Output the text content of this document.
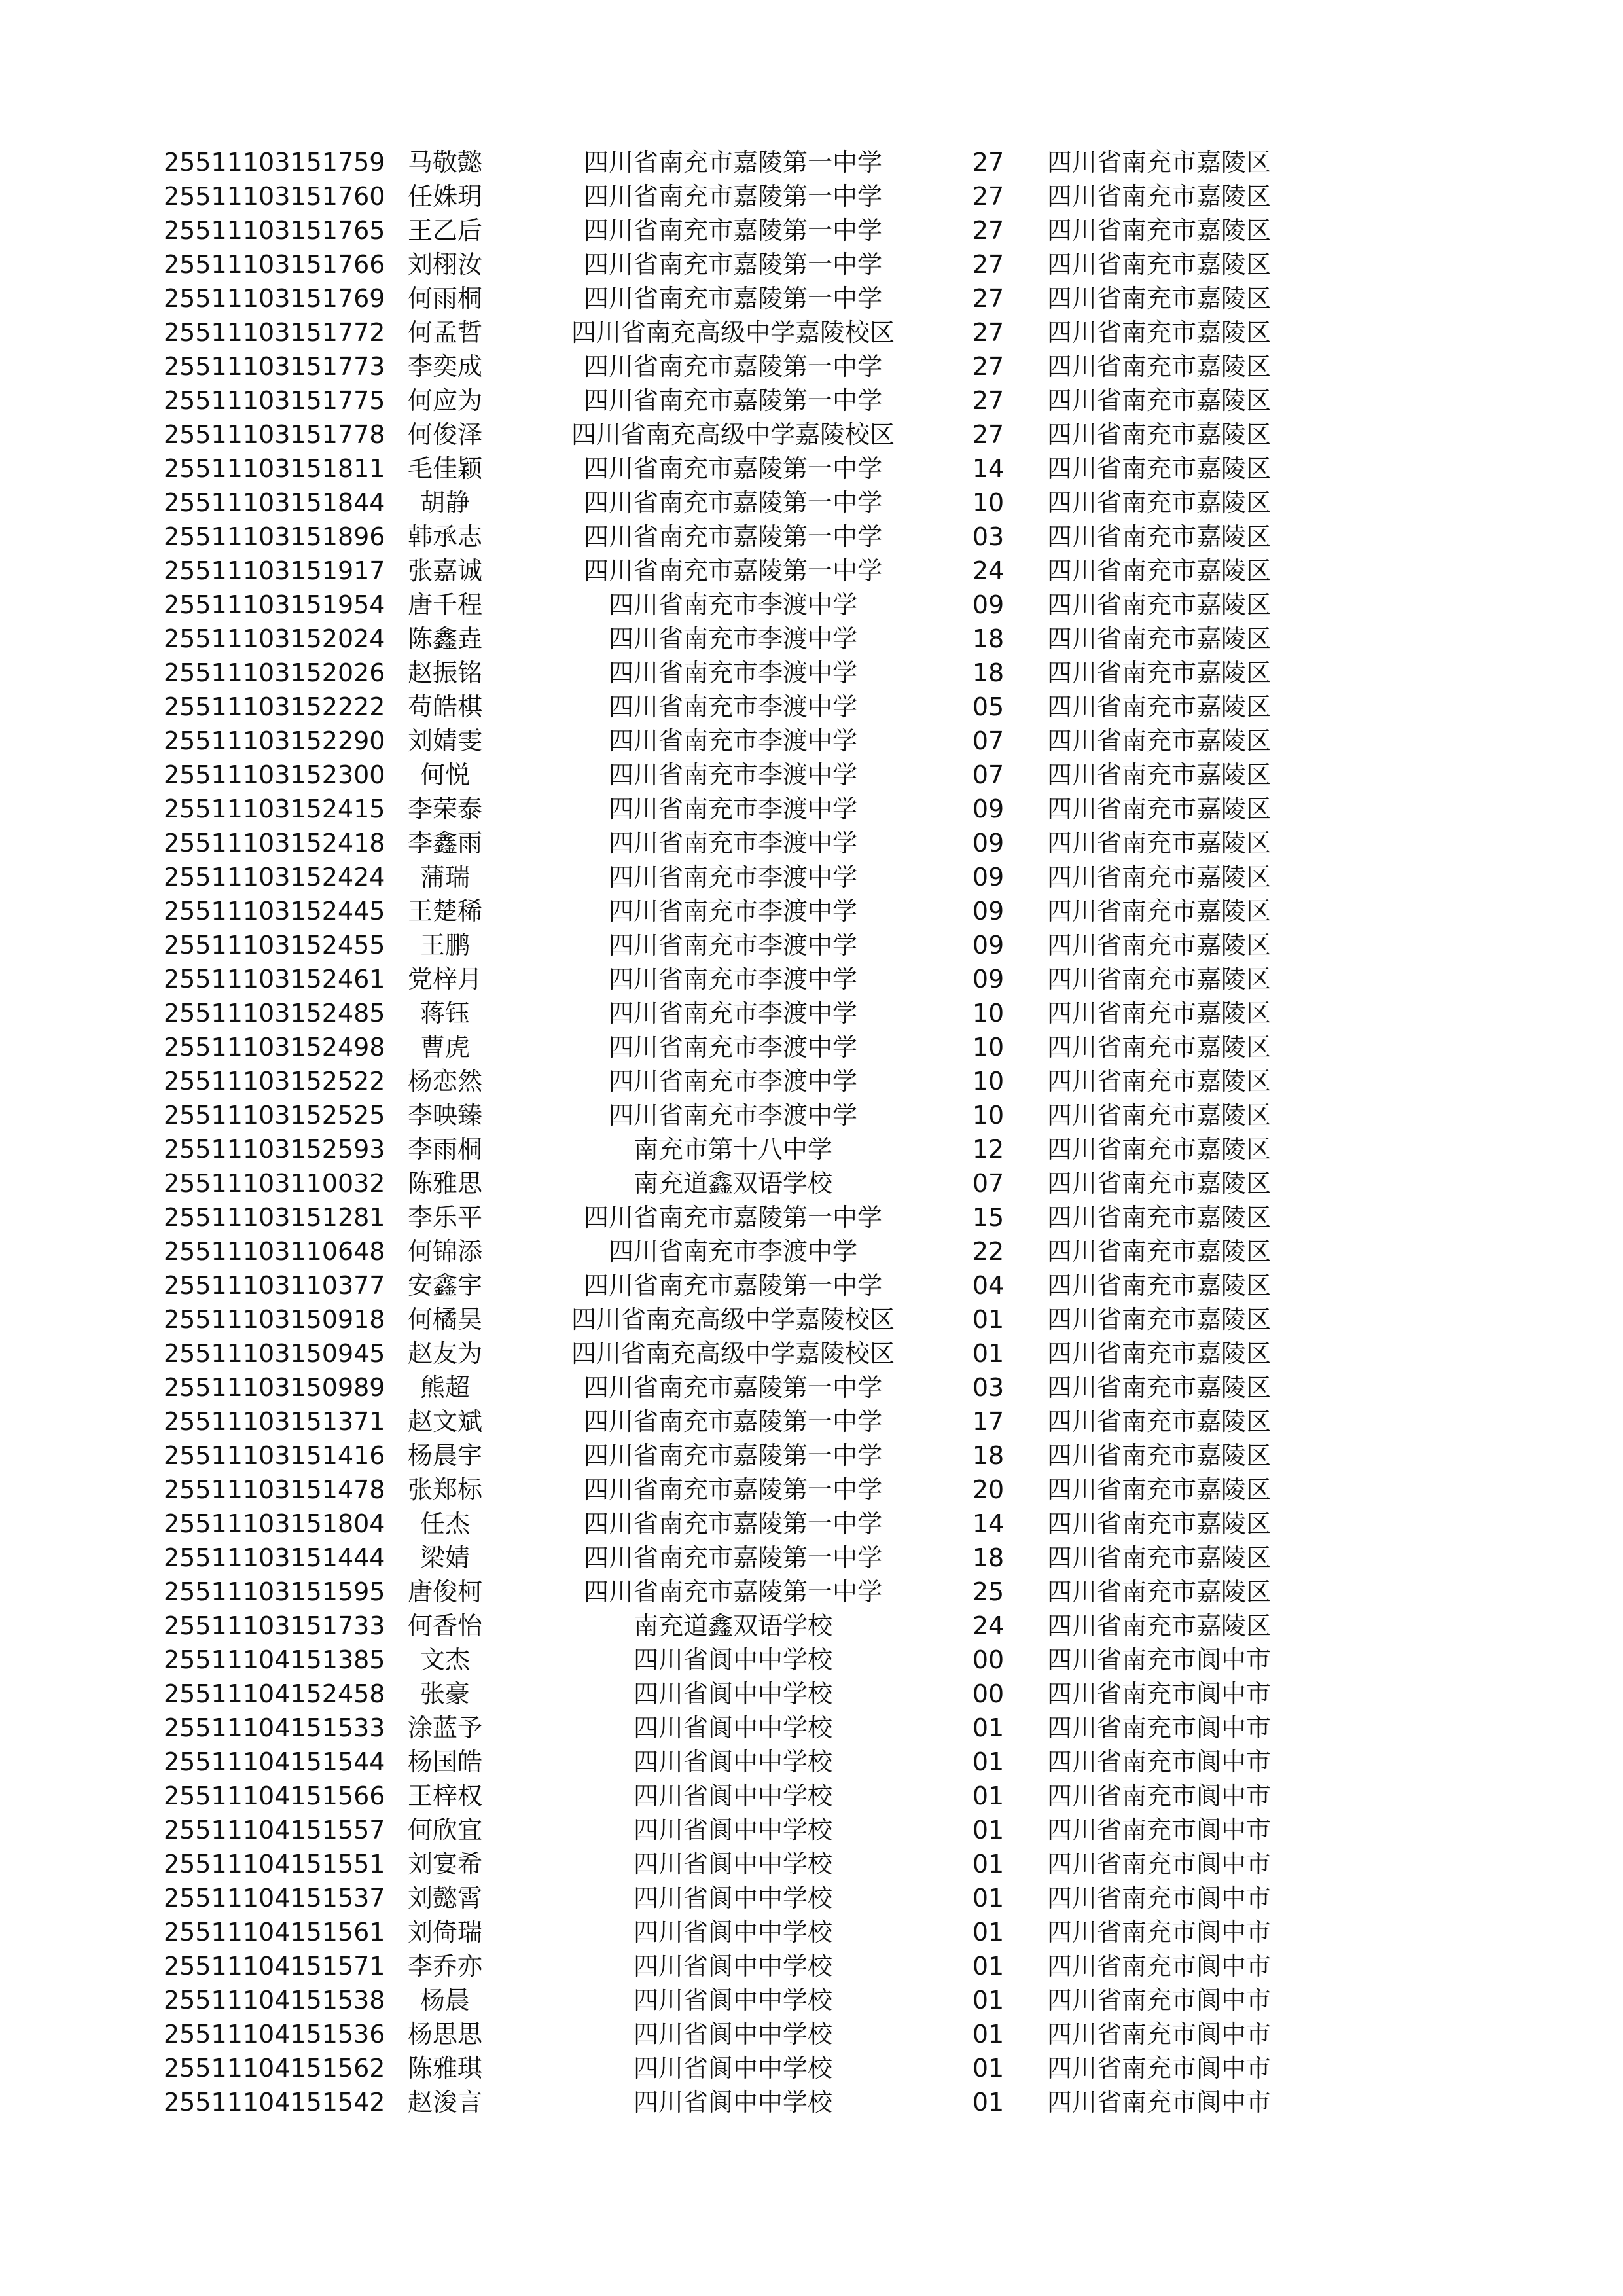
25511103151759 马敬懿	四川省南充市嘉陵第一中学	27	四川省南充市嘉陵区
25511103151760 任姝玥	四川省南充市嘉陵第一中学	27	四川省南充市嘉陵区
25511103151765 王乙后	四川省南充市嘉陵第一中学	27	四川省南充市嘉陵区
25511103151766 刘栩汝	四川省南充市嘉陵第一中学	27	四川省南充市嘉陵区
25511103151769 何雨桐	四川省南充市嘉陵第一中学	27	四川省南充市嘉陵区
25511103151772 何孟哲	四川省南充高级中学嘉陵校区	27	四川省南充市嘉陵区
25511103151773 李奕成	四川省南充市嘉陵第一中学	27	四川省南充市嘉陵区
25511103151775 何应为	四川省南充市嘉陵第一中学	27	四川省南充市嘉陵区
25511103151778 何俊泽	四川省南充高级中学嘉陵校区	27	四川省南充市嘉陵区
25511103151811 毛佳颖	四川省南充市嘉陵第一中学	14	四川省南充市嘉陵区
25511103151844	胡静	四川省南充市嘉陵第一中学	10	四川省南充市嘉陵区
25511103151896 韩承志	四川省南充市嘉陵第一中学	03	四川省南充市嘉陵区
25511103151917 张嘉诚	四川省南充市嘉陵第一中学	24	四川省南充市嘉陵区
25511103151954 唐千程	四川省南充市李渡中学	09	四川省南充市嘉陵区
25511103152024 陈鑫垚	四川省南充市李渡中学	18	四川省南充市嘉陵区
25511103152026 赵振铭	四川省南充市李渡中学	18	四川省南充市嘉陵区
25511103152222 苟皓棋	四川省南充市李渡中学	05	四川省南充市嘉陵区
25511103152290 刘婧雯	四川省南充市李渡中学	07	四川省南充市嘉陵区
25511103152300	何悦	四川省南充市李渡中学	07	四川省南充市嘉陵区
25511103152415 李荣泰	四川省南充市李渡中学	09	四川省南充市嘉陵区
25511103152418 李鑫雨	四川省南充市李渡中学	09	四川省南充市嘉陵区
25511103152424	蒲瑞	四川省南充市李渡中学	09	四川省南充市嘉陵区
25511103152445 王楚稀	四川省南充市李渡中学	09	四川省南充市嘉陵区
25511103152455	王鹏	四川省南充市李渡中学	09	四川省南充市嘉陵区
25511103152461 党梓月	四川省南充市李渡中学	09	四川省南充市嘉陵区
25511103152485	蒋钰	四川省南充市李渡中学	10	四川省南充市嘉陵区
25511103152498	曹虎	四川省南充市李渡中学	10	四川省南充市嘉陵区
25511103152522 杨恋然	四川省南充市李渡中学	10	四川省南充市嘉陵区
25511103152525 李映臻	四川省南充市李渡中学	10	四川省南充市嘉陵区
25511103152593 李雨桐	南充市第十八中学	12	四川省南充市嘉陵区
25511103110032 陈雅思	南充道鑫双语学校	07	四川省南充市嘉陵区
25511103151281 李乐平	四川省南充市嘉陵第一中学	15	四川省南充市嘉陵区
25511103110648 何锦添	四川省南充市李渡中学	22	四川省南充市嘉陵区
25511103110377 安鑫宇	四川省南充市嘉陵第一中学	04	四川省南充市嘉陵区
25511103150918 何橘昊	四川省南充高级中学嘉陵校区	01	四川省南充市嘉陵区
25511103150945 赵友为	四川省南充高级中学嘉陵校区	01	四川省南充市嘉陵区
25511103150989	熊超	四川省南充市嘉陵第一中学	03	四川省南充市嘉陵区
25511103151371 赵文斌	四川省南充市嘉陵第一中学	17	四川省南充市嘉陵区
25511103151416 杨晨宇	四川省南充市嘉陵第一中学	18	四川省南充市嘉陵区
25511103151478 张郑标	四川省南充市嘉陵第一中学	20	四川省南充市嘉陵区
25511103151804	任杰	四川省南充市嘉陵第一中学	14	四川省南充市嘉陵区
25511103151444	梁婧	四川省南充市嘉陵第一中学	18	四川省南充市嘉陵区
25511103151595 唐俊柯	四川省南充市嘉陵第一中学	25	四川省南充市嘉陵区
25511103151733 何香怡	南充道鑫双语学校	24	四川省南充市嘉陵区
25511104151385	文杰	四川省阆中中学校	00	四川省南充市阆中市
25511104152458	张豪	四川省阆中中学校	00	四川省南充市阆中市
25511104151533 涂蓝予	四川省阆中中学校	01	四川省南充市阆中市
25511104151544 杨国皓	四川省阆中中学校	01	四川省南充市阆中市
25511104151566 王梓权	四川省阆中中学校	01	四川省南充市阆中市
25511104151557 何欣宜	四川省阆中中学校	01	四川省南充市阆中市
25511104151551 刘宴希	四川省阆中中学校	01	四川省南充市阆中市
25511104151537 刘懿霄	四川省阆中中学校	01	四川省南充市阆中市
25511104151561 刘倚瑞	四川省阆中中学校	01	四川省南充市阆中市
25511104151571 李乔亦	四川省阆中中学校	01	四川省南充市阆中市
25511104151538	杨晨	四川省阆中中学校	01	四川省南充市阆中市
25511104151536 杨思思	四川省阆中中学校	01	四川省南充市阆中市
25511104151562 陈雅琪	四川省阆中中学校	01	四川省南充市阆中市
25511104151542 赵浚言	四川省阆中中学校	01	四川省南充市阆中市
